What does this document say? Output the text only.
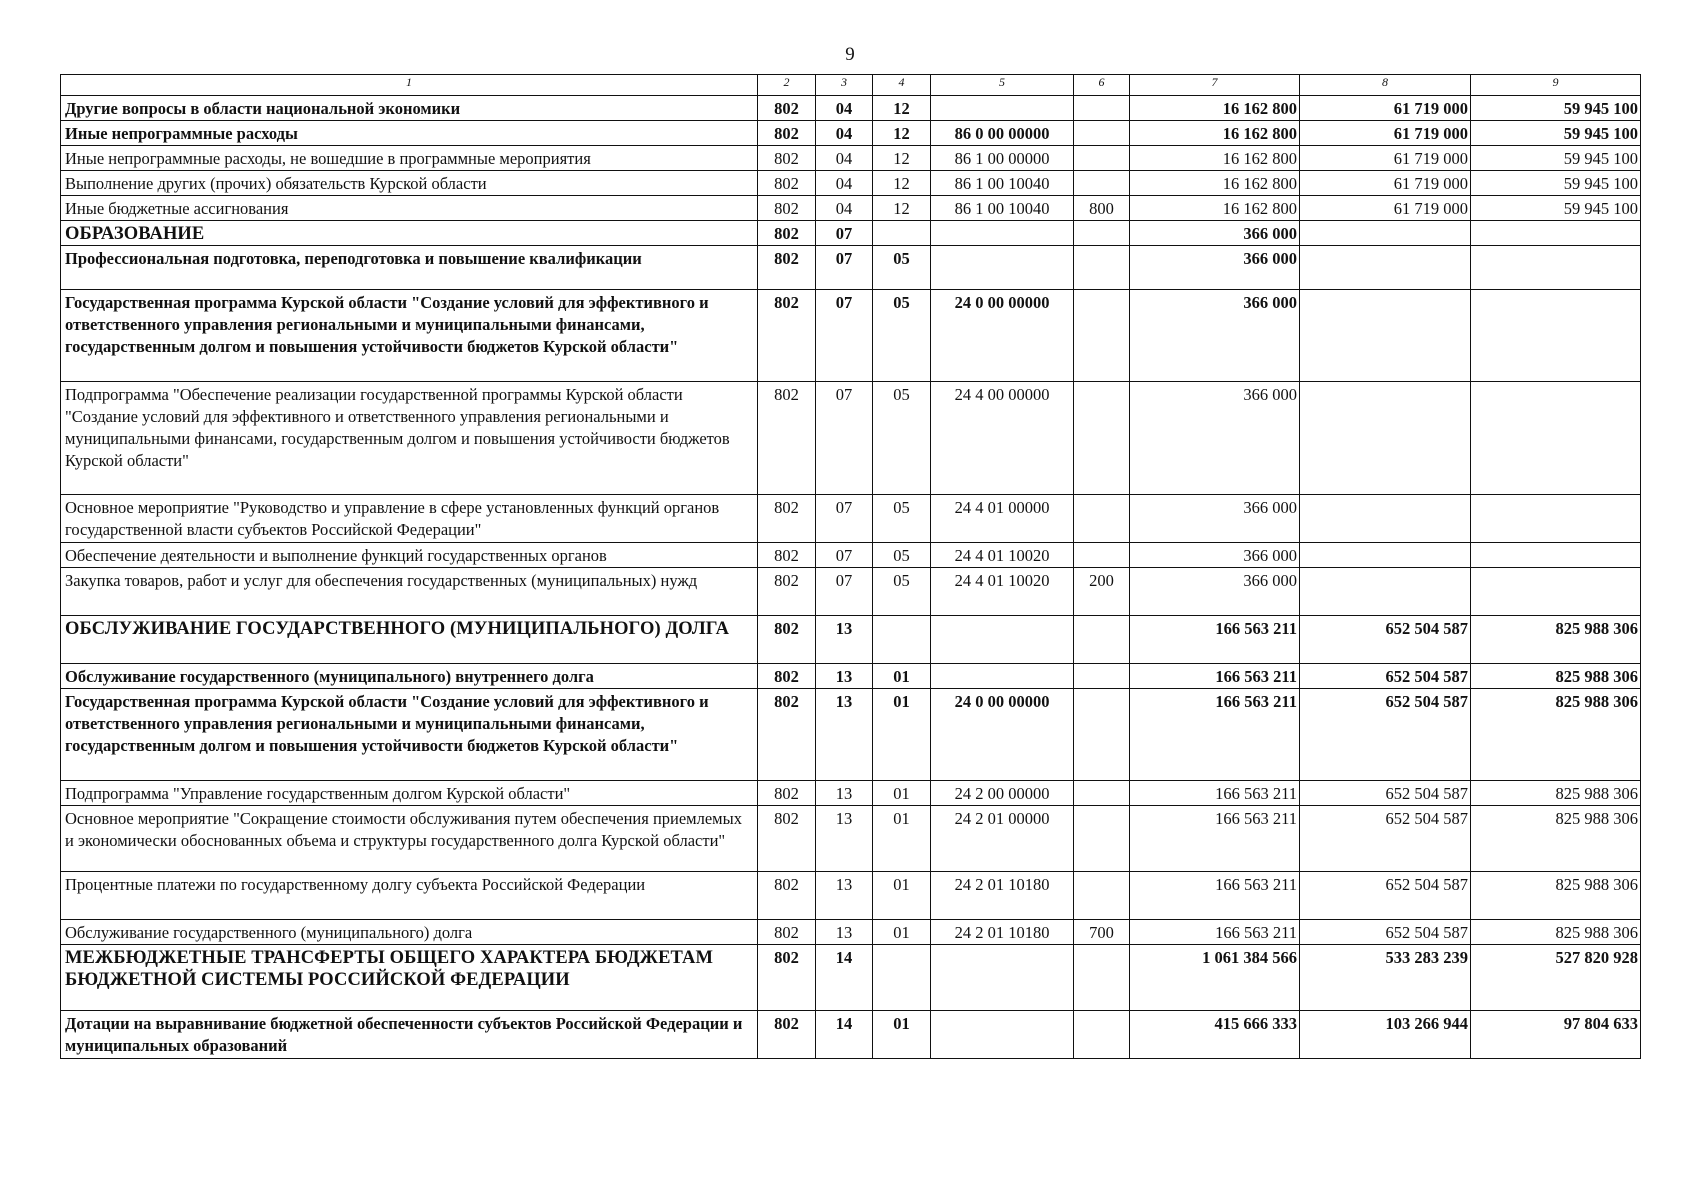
9
1	2	3	4	5	6	7	8	9
Другие вопросы в области национальной экономики	802	04	12			16 162 800	61 719 000	59 945 100
Иные непрограммные расходы	802	04	12	86 0 00 00000		16 162 800	61 719 000	59 945 100
Иные непрограммные расходы, не вошедшие в программные мероприятия	802	04	12	86 1 00 00000		16 162 800	61 719 000	59 945 100
Выполнение других (прочих) обязательств Курской области	802	04	12	86 1 00 10040		16 162 800	61 719 000	59 945 100
Иные бюджетные ассигнования	802	04	12	86 1 00 10040	800	16 162 800	61 719 000	59 945 100
ОБРАЗОВАНИЕ	802	07				366 000		
Профессиональная подготовка, переподготовка и повышение квалификации	802	07	05			366 000		
Государственная программа Курской области "Создание условий для эффективного и ответственного управления региональными и муниципальными финансами, государственным долгом и повышения устойчивости бюджетов Курской области"	802	07	05	24 0 00 00000		366 000		
Подпрограмма "Обеспечение реализации государственной программы Курской области "Создание условий для эффективного и ответственного управления региональными и муниципальными финансами, государственным долгом и повышения устойчивости бюджетов Курской области"	802	07	05	24 4 00 00000		366 000		
Основное мероприятие "Руководство и управление в сфере установленных функций органов государственной власти субъектов Российской Федерации"	802	07	05	24 4 01 00000		366 000		
Обеспечение деятельности и выполнение функций государственных органов	802	07	05	24 4 01 10020		366 000		
Закупка товаров, работ и услуг для обеспечения государственных (муниципальных) нужд	802	07	05	24 4 01 10020	200	366 000		
ОБСЛУЖИВАНИЕ ГОСУДАРСТВЕННОГО (МУНИЦИПАЛЬНОГО) ДОЛГА	802	13				166 563 211	652 504 587	825 988 306
Обслуживание государственного (муниципального) внутреннего долга	802	13	01			166 563 211	652 504 587	825 988 306
Государственная программа Курской области "Создание условий для эффективного и ответственного управления региональными и муниципальными финансами, государственным долгом и повышения устойчивости бюджетов Курской области"	802	13	01	24 0 00 00000		166 563 211	652 504 587	825 988 306
Подпрограмма "Управление государственным долгом Курской области"	802	13	01	24 2 00 00000		166 563 211	652 504 587	825 988 306
Основное мероприятие "Сокращение стоимости обслуживания путем обеспечения приемлемых и экономически обоснованных объема и структуры государственного долга Курской области"	802	13	01	24 2 01 00000		166 563 211	652 504 587	825 988 306
Процентные платежи по государственному долгу субъекта Российской Федерации	802	13	01	24 2 01 10180		166 563 211	652 504 587	825 988 306
Обслуживание государственного (муниципального) долга	802	13	01	24 2 01 10180	700	166 563 211	652 504 587	825 988 306
МЕЖБЮДЖЕТНЫЕ ТРАНСФЕРТЫ ОБЩЕГО ХАРАКТЕРА БЮДЖЕТАМ БЮДЖЕТНОЙ СИСТЕМЫ РОССИЙСКОЙ ФЕДЕРАЦИИ	802	14				1 061 384 566	533 283 239	527 820 928
Дотации на выравнивание бюджетной обеспеченности субъектов Российской Федерации и муниципальных образований	802	14	01			415 666 333	103 266 944	97 804 633
